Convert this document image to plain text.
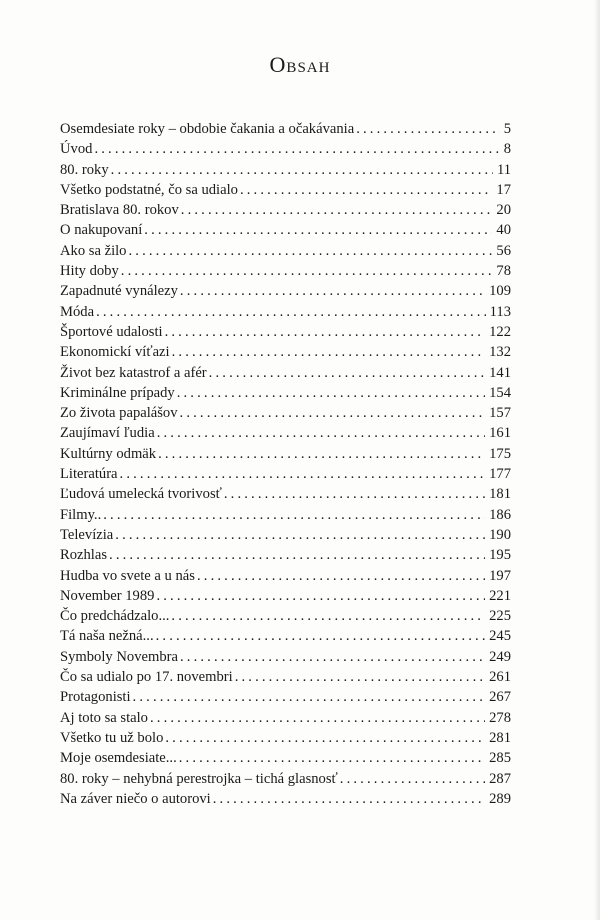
Obsah
Osemdesiate roky – obdobie čakania a očakávania . . .	5
Úvod . . .	8
80. roky . . .	11
Všetko podstatné, čo sa udialo . . .	17
Bratislava 80. rokov . . .	20
O nakupovaní . . .	40
Ako sa žilo . . .	56
Hity doby . . .	78
Zapadnuté vynálezy . . .	109
Móda . . .	113
Športové udalosti . . .	122
Ekonomickí víťazi . . .	132
Život bez katastrof a afér . . .	141
Kriminálne prípady . . .	154
Zo života papalášov . . .	157
Zaujímaví ľudia . . .	161
Kultúrny odmäk . . .	175
Literatúra . . .	177
Ľudová umelecká tvorivosť . . .	181
Filmy.. . . .	186
Televízia . . .	190
Rozhlas . . .	195
Hudba vo svete a u nás . . .	197
November 1989 . . .	221
Čo predchádzalo... . . .	225
Tá naša nežná... . . .	245
Symboly Novembra . . .	249
Čo sa udialo po 17. novembri . . .	261
Protagonisti . . .	267
Aj toto sa stalo . . .	278
Všetko tu už bolo . . .	281
Moje osemdesiate... . . .	285
80. roky – nehybná perestrojka – tichá glasnosť . . .	287
Na záver niečo o autorovi . . .	289
